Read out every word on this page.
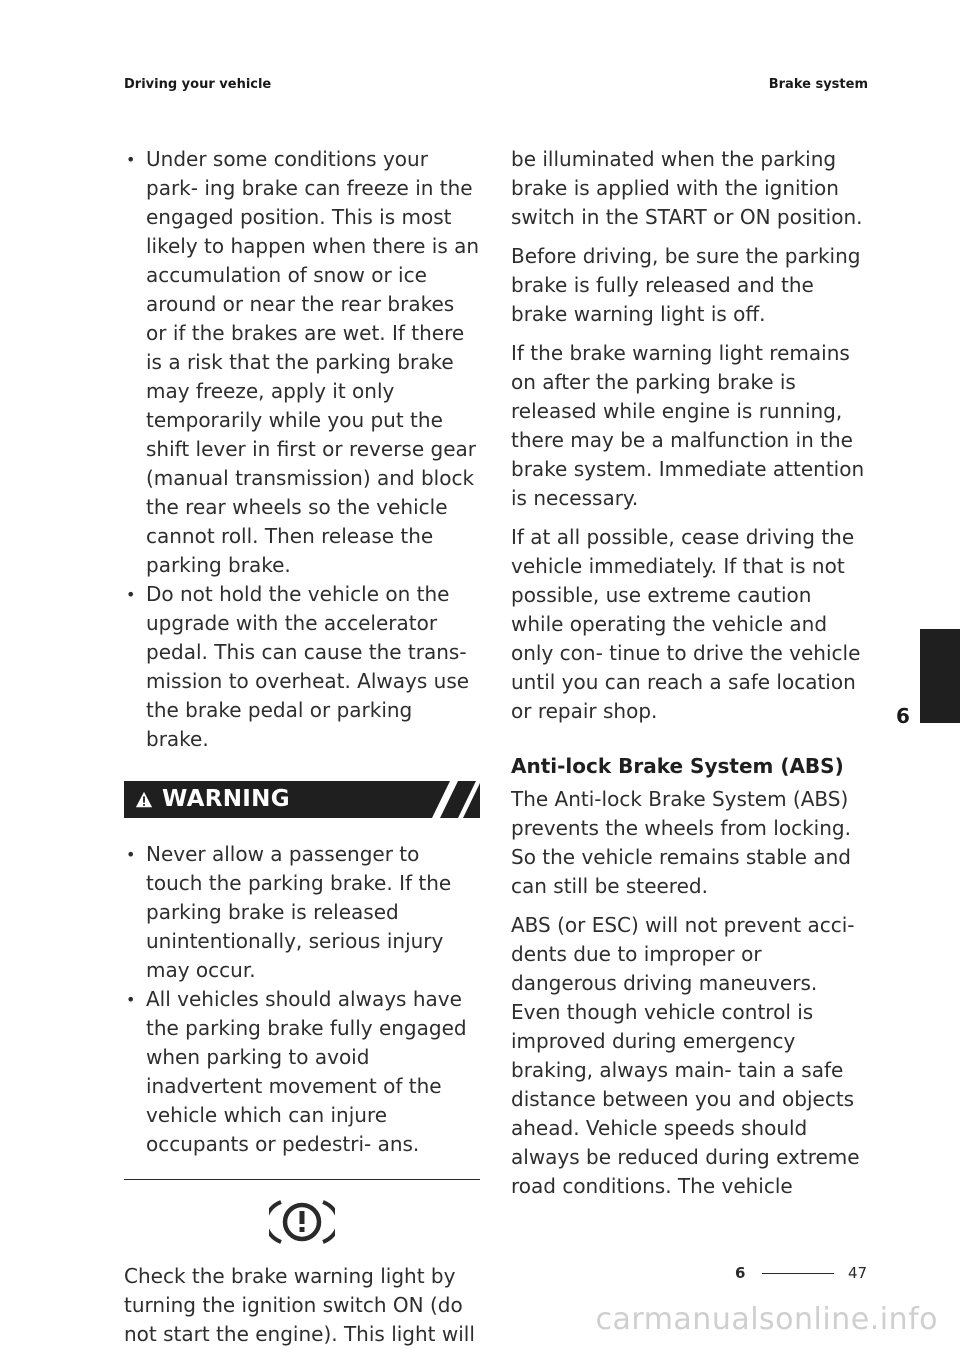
Driving your vehicle	Brake system
• Under some conditions your park- ing brake can freeze in the engaged position. This is most likely to happen when there is an accumulation of snow or ice around or near the rear brakes or if the brakes are wet. If there is a risk that the parking brake may freeze, apply it only temporarily while you put the shift lever in first or reverse gear (manual transmission) and block the rear wheels so the vehicle cannot roll. Then release the parking brake.
• Do not hold the vehicle on the upgrade with the accelerator pedal. This can cause the trans- mission to overheat. Always use the brake pedal or parking brake.
WARNING
• Never allow a passenger to touch the parking brake. If the parking brake is released unintentionally, serious injury may occur.
• All vehicles should always have the parking brake fully engaged when parking to avoid inadvertent movement of the vehicle which can injure occupants or pedestri- ans.
Check the brake warning light by turning the ignition switch ON (do not start the engine). This light will

be illuminated when the parking brake is applied with the ignition switch in the START or ON position.

Before driving, be sure the parking brake is fully released and the brake warning light is off.

If the brake warning light remains on after the parking brake is released while engine is running, there may be a malfunction in the brake system. Immediate attention is necessary.

If at all possible, cease driving the vehicle immediately. If that is not possible, use extreme caution while operating the vehicle and only con- tinue to drive the vehicle until you can reach a safe location or repair shop.

Anti-lock Brake System (ABS)

The Anti-lock Brake System (ABS) prevents the wheels from locking. So the vehicle remains stable and can still be steered.

ABS (or ESC) will not prevent acci- dents due to improper or dangerous driving maneuvers. Even though vehicle control is improved during emergency braking, always main- tain a safe distance between you and objects ahead. Vehicle speeds should always be reduced during extreme road conditions. The vehicle

6
6	47
carmanualsonline.info
